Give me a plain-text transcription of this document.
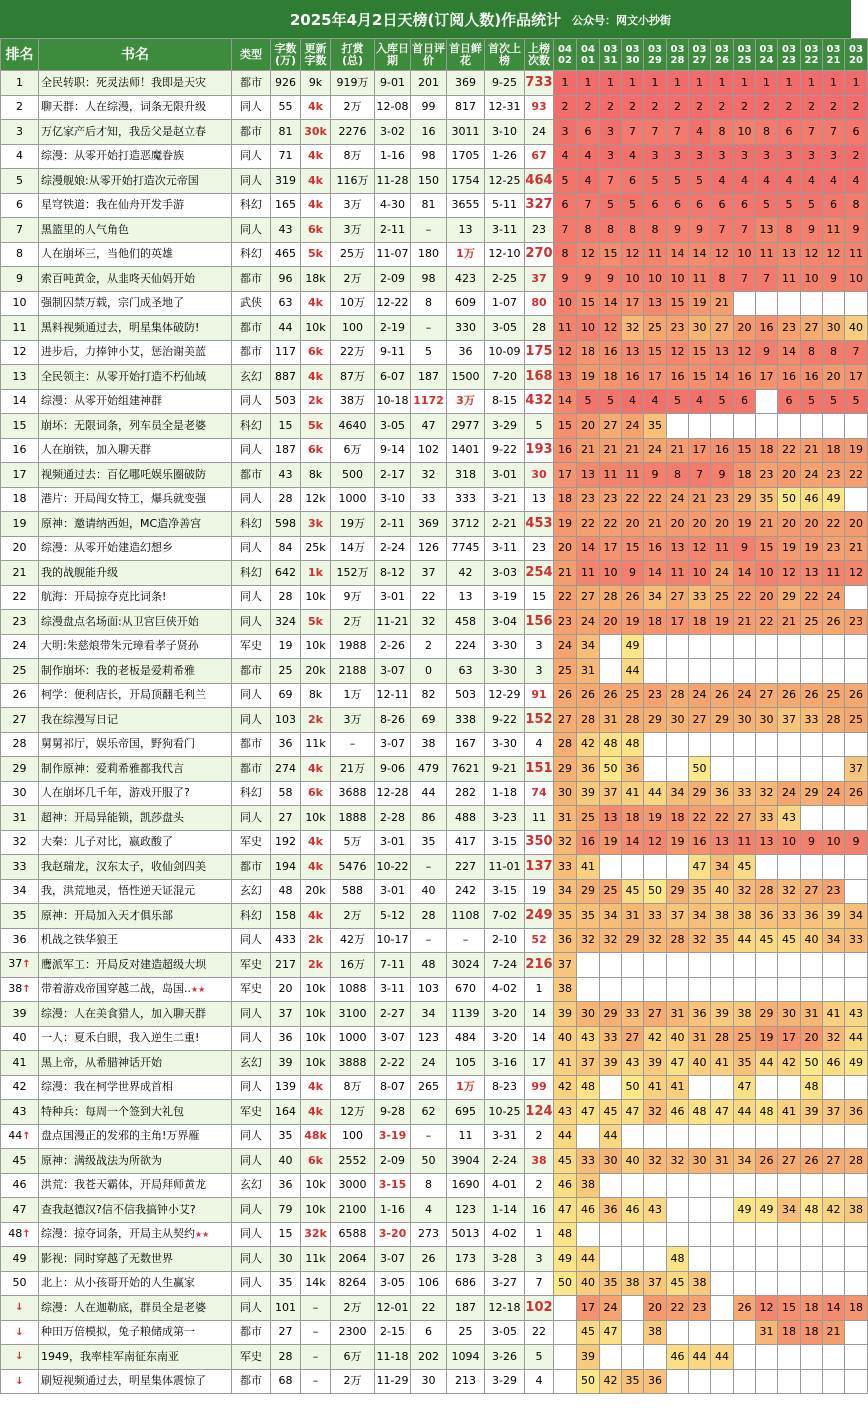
2025年4月2日天榜(订阅人数)作品统计 公众号：网文小抄街
排名	书名	类型	字数(万)	更新字数	打赏(总)	入库日期	首日评价	首日鲜花	首次上榜	上榜次数	04 02	04 01	03 31	03 30	03 29	03 28	03 27	03 26	03 25	03 24	03 23	03 22	03 21	03 20
1	全民转职：死灵法师！我即是天灾	都市	926	9k	919万	9-01	201	369	9-25	733	1	1	1	1	1	1	1	1	1	1	1	1	1	1
2	聊天群：人在综漫，词条无限升级	同人	55	4k	2万	12-08	99	817	12-31	93	2	2	2	2	2	2	2	2	2	2	2	2	2	2
3	万亿家产后才知，我岳父是赵立春	都市	81	30k	2276	3-02	16	3011	3-10	24	3	6	3	7	7	7	4	8	10	8	6	7	7	6
4	综漫：从零开始打造恶魔眷族	同人	71	4k	8万	1-16	98	1705	1-26	67	4	4	3	4	3	3	3	3	3	3	3	3	3	2
5	综漫舰娘:从零开始打造次元帝国	同人	319	4k	116万	11-28	150	1754	12-25	464	5	4	7	6	5	5	5	4	4	4	4	4	4	4
6	星穹铁道：我在仙舟开发手游	科幻	165	4k	3万	4-30	81	3655	5-11	327	6	7	5	5	6	6	6	6	6	5	5	5	6	8
7	黑篮里的人气角色	同人	43	6k	3万	2-11	–	13	3-11	23	7	8	8	8	8	9	9	7	7	13	8	9	11	9
8	人在崩坏三，当他们的英雄	科幻	465	5k	25万	11-07	180	1万	12-10	270	8	12	15	12	11	14	14	12	10	11	13	12	12	11
9	索百吨黄金，从韭咚天仙妈开始	都市	96	18k	2万	2-09	98	423	2-25	37	9	9	9	10	10	10	11	8	7	7	11	10	9	10
10	强制囚禁万载，宗门成圣地了	武侠	63	4k	10万	12-22	8	609	1-07	80	10	15	14	17	13	15	19	21						
11	黑料视频通过去，明星集体破防!	都市	44	10k	100	2-19	–	330	3-05	28	11	10	12	32	25	23	30	27	20	16	23	27	30	40
12	进步后，力捧钟小艾，惩治谢美蓝	都市	117	6k	22万	9-11	5	36	10-09	175	12	18	16	13	15	12	15	13	12	9	14	8	8	7
13	全民领主：从零开始打造不朽仙域	玄幻	887	4k	87万	6-07	187	1500	7-20	168	13	19	18	16	17	16	15	14	16	17	16	16	20	17
14	综漫：从零开始组建神群	同人	503	2k	38万	10-18	1172	3万	8-15	432	14	5	5	4	4	5	4	5	6		6	5	5	5
15	崩坏：无限词条，列车员全是老婆	科幻	15	5k	4640	3-05	47	2977	3-29	5	15	20	27	24	35									
16	人在崩铁，加入聊天群	同人	187	6k	6万	9-14	102	1401	9-22	193	16	21	21	21	24	21	17	16	15	18	22	21	18	19
17	视频通过去：百亿哪吒娱乐圈破防	都市	43	8k	500	2-17	32	318	3-01	30	17	13	11	11	9	8	7	9	18	23	20	24	23	22
18	港片：开局闯女特工，爆兵就变强	同人	28	12k	1000	3-10	33	333	3-21	13	18	23	23	22	22	24	21	23	29	35	50	46	49	
19	原神：邀请纳西妲，MC造净善宫	科幻	598	3k	19万	2-11	369	3712	2-21	453	19	22	22	20	21	20	20	20	19	21	20	20	22	20
20	综漫：从零开始建造幻想乡	同人	84	25k	14万	2-24	126	7745	3-11	23	20	14	17	15	16	13	12	11	9	15	19	19	23	21
21	我的战舰能升级	科幻	642	1k	152万	8-12	37	42	3-03	254	21	11	10	9	14	11	10	24	14	10	12	13	11	12
22	航海：开局掠夺克比词条!	同人	28	10k	9万	3-01	22	13	3-19	15	22	27	28	26	34	27	33	25	22	20	29	22	24	
23	综漫盘点名场面:从卫宫巨侠开始	同人	324	5k	2万	11-21	32	458	3-04	156	23	24	20	19	18	17	18	19	21	22	21	25	26	23
24	大明:朱慈烺带朱元璋看孝子贤孙	军史	19	10k	1988	2-26	2	224	3-30	3	24	34		49										
25	制作崩坏：我的老板是爱莉希雅	都市	25	20k	2188	3-07	0	63	3-30	3	25	31		44										
26	柯学：便利店长，开局顶翻毛利兰	同人	69	8k	1万	12-11	82	503	12-29	91	26	26	26	25	23	28	24	26	24	27	26	26	25	26
27	我在综漫写日记	同人	103	2k	3万	8-26	69	338	9-22	152	27	28	31	28	29	30	27	29	30	30	37	33	28	25
28	舅舅祁厅，娱乐帝国，野狗看门	都市	36	11k	–	3-07	38	167	3-30	4	28	42	48	48										
29	制作原神：爱莉希雅都我代言	都市	274	4k	21万	9-06	479	7621	9-21	151	29	36	50	36			50							37
30	人在崩坏几千年，游戏开服了?	科幻	58	6k	3688	12-28	44	282	1-18	74	30	39	37	41	44	34	29	36	33	32	24	29	24	26
31	超神：开局异能锁，凯莎盘头	同人	27	10k	1888	2-28	86	488	3-23	11	31	25	13	18	19	18	22	22	27	33	43			
32	大秦：儿子对比，嬴政酸了	军史	192	4k	5万	3-01	35	417	3-15	350	32	16	19	14	12	19	16	13	11	13	10	9	10	9
33	我赵瑞龙，汉东太子，收仙剑四美	都市	194	4k	5476	10-22	–	227	11-01	137	33	41					47	34	45					
34	我，洪荒地灵，悟性逆天证混元	玄幻	48	20k	588	3-01	40	242	3-15	19	34	29	25	45	50	29	35	40	32	28	32	27	23	
35	原神：开局加入天才俱乐部	科幻	158	4k	2万	5-12	28	1108	7-02	249	35	35	34	31	33	37	34	38	38	36	33	36	39	34
36	机战之铁华狼王	同人	433	2k	42万	10-17	–	–	2-10	52	36	32	32	29	32	28	32	35	44	45	45	40	34	33
37↑	鹰派军工：开局反对建造超级大坝	军史	217	2k	16万	7-11	48	3024	7-24	216	37													
38↑	带着游戏帝国穿越二战，岛国..★★	军史	20	10k	1088	3-11	103	670	4-02	1	38													
39	综漫：人在美食猎人，加入聊天群	同人	37	10k	3100	2-27	34	1139	3-20	14	39	30	29	33	27	31	36	39	38	29	30	31	41	43
40	一人：夏禾白眼，我入逆生二重!	同人	36	10k	1000	3-07	123	484	3-20	14	40	43	33	27	42	40	31	28	25	19	17	20	32	44
41	黑上帝，从希腊神话开始	玄幻	39	10k	3888	2-22	24	105	3-16	17	41	37	39	43	39	47	40	41	35	44	42	50	46	49
42	综漫：我在柯学世界成首相	同人	139	4k	8万	8-07	265	1万	8-23	99	42	48		50	41	41			47			48		
43	特种兵：每周一个签到大礼包	军史	164	4k	12万	9-28	62	695	10-25	124	43	47	45	47	32	46	48	47	44	48	41	39	37	36
44↑	盘点国漫正的发邪的主角!万界雁	同人	35	48k	100	3-19	–	11	3-31	2	44		44											
45	原神：满级战法为所欲为	同人	40	6k	2552	2-09	50	3904	2-24	38	45	33	30	40	32	32	30	31	34	26	27	26	27	28
46	洪荒：我苍天霸体，开局拜师黄龙	玄幻	36	10k	3000	3-15	8	1690	4-01	2	46	38												
47	查我赵德汉?信不信我搞钟小艾?	同人	79	10k	2100	1-16	4	123	1-14	16	47	46	36	46	43				49	49	34	48	42	38
48↑	综漫：掠夺词条，开局主从契约★★	同人	15	32k	6588	3-20	273	5013	4-02	1	48													
49	影视：同时穿越了无数世界	同人	30	11k	2064	3-07	26	173	3-28	3	49	44				48								
50	北上：从小孩哥开始的人生赢家	同人	35	14k	8264	3-05	106	686	3-27	7	50	40	35	38	37	45	38							
↓	综漫：人在迦勒底，群员全是老婆	同人	101	–	2万	12-01	22	187	12-18	102		17	24		20	22	23		26	12	15	18	14	18
↓	种田万倍模拟，兔子粮储成第一	都市	27	–	2300	2-15	6	25	3-05	22		45	47		38					31	18	18	21	
↓	1949，我率桂军南征东南亚	军史	28	–	6万	11-18	202	1094	3-26	5		39				46	44	44						
↓	刷短视频通过去，明星集体震惊了	都市	68	–	2万	11-29	30	213	3-29	4		50	42	35	36									
